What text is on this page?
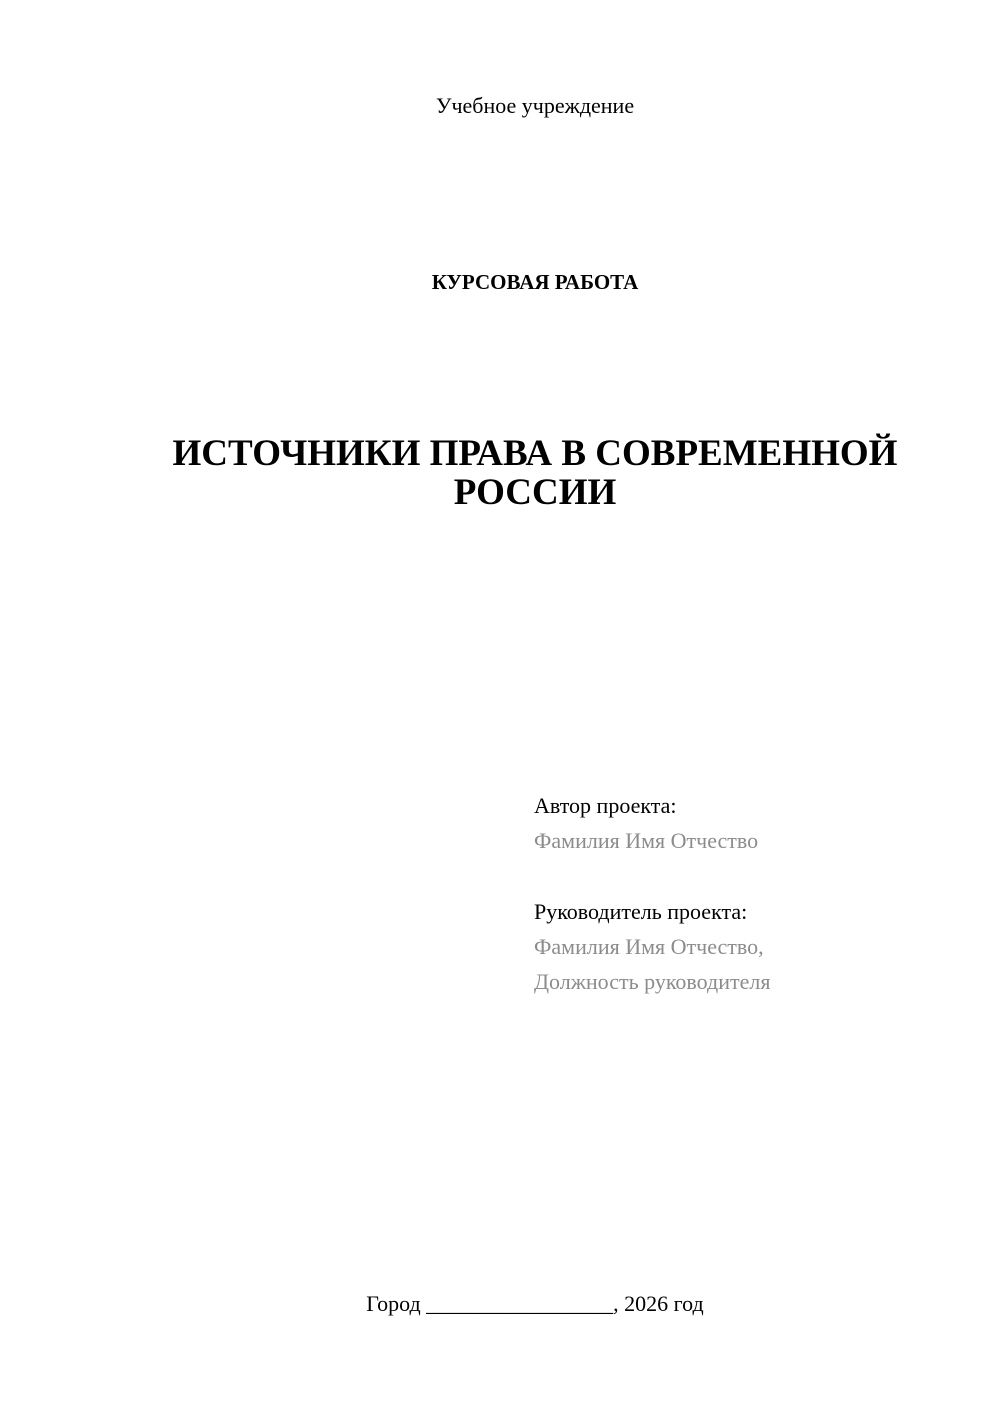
Учебное учреждение
КУРСОВАЯ РАБОТА
ИСТОЧНИКИ ПРАВА В СОВРЕМЕННОЙ
РОССИИ
Автор проекта:
Фамилия Имя Отчество
Руководитель проекта:
Фамилия Имя Отчество,
Должность руководителя
Город _________________, 2026 год
